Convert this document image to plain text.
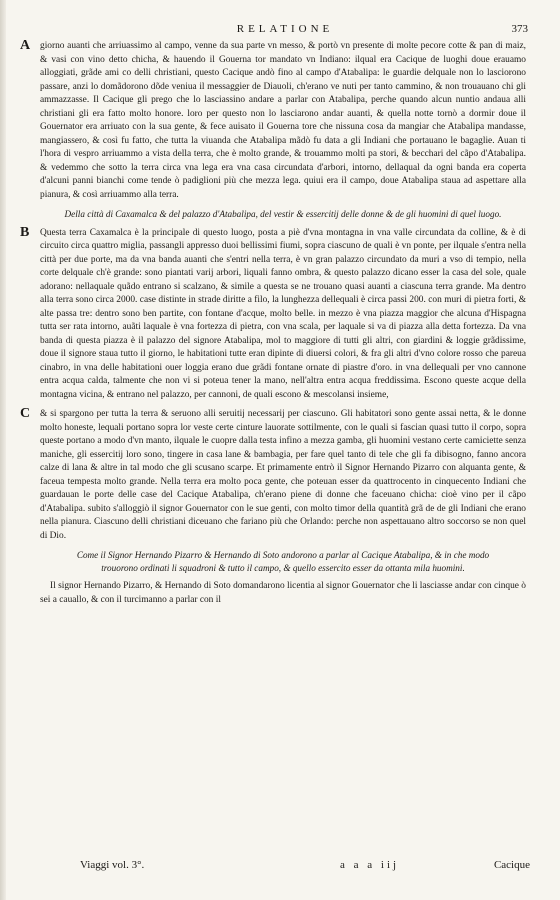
RELATIONE	373

A giorno auanti che arriuassimo al campo, venne da sua parte vn messo, & portò vn presente di molte pecore cotte & pan di maiz, & vasi con vino detto chicha, & hauendo il Gouerna tor mandato vn Indiano: ilqual era Cacique de luoghi doue erauamo alloggiati, grãde ami co delli christiani, questo Cacique andò fino al campo d'Atabalipa: le guardie delquale non lo lasciorono passare, anzi lo domãdorono dõde veniua il messaggier de Diauoli, ch'erano ve nuti per tanto cammino, & non trouauano chi gli ammazzasse. Il Cacique gli prego che lo lasciassino andare a parlar con Atabalipa, perche quando alcun nuntio andaua alli christiani gli era fatto molto honore. loro per questo non lo lasciarono andar auanti, & quella notte tornò a dormir doue il Gouernator era arriuato con la sua gente, & fece auisato il Gouerna tore che nissuna cosa da mangiar che Atabalipa mandasse, mangiassero, & così fu fatto, che tutta la viuanda che Atabalipa mãdò fu data a gli Indiani che portauano le bagaglie. Auan ti l'hora di vespro arriuammo a vista della terra, che è molto grande, & trouammo molti pa stori, & becchari del cãpo d'Atabalipa. & vedemmo che sotto la terra circa vna lega era vna casa circundata d'arbori, intorno, dellaqual da ogni banda era coperta d'alcuni panni bianchi come tende ò padiglioni più che mezza lega. quiui era il campo, doue Atabalipa staua ad aspettare alla pianura, & così arriuammo alla terra.

Della città di Caxamalca & del palazzo d'Atabalipa, del vestir & essercitij delle donne & de gli huomini di quel luogo.

B Questa terra Caxamalca è la principale di questo luogo, posta a piè d'vna montagna in vna valle circundata da colline, & è di circuito circa quattro miglia, passangli appresso duoi bellissimi fiumi, sopra ciascuno de quali è vn ponte, per ilquale s'entra nella città per due porte, ma da vna banda auanti che s'entri nella terra, è vn gran palazzo circundato da muri a vso di tempio, nella corte delquale ch'è grande: sono piantati varij arbori, liquali fanno ombra, & questo palazzo dicano esser la casa del sole, quale adorano: nellaquale quãdo entrano si scalzano, & simile a questa se ne trouano quasi auanti a ciascuna terra grande. Ma dentro alla terra sono circa 2000. case distinte in strade diritte a filo, la lunghezza dellequali è circa passi 200. con muri di pietra forti, & alte passa tre: dentro sono ben partite, con fontane d'acque, molto belle. in mezzo è vna piazza maggior che alcuna d'Hispagna tutta ser rata intorno, auãti laquale è vna fortezza di pietra, con vna scala, per laquale si va di piazza alla detta fortezza. Da vna banda di questa piazza è il palazzo del signore Atabalipa, mol to maggiore di tutti gli altri, con giardini & loggie grãdissime, doue il signore staua tutto il giorno, le habitationi tutte eran dipinte di diuersi colori, & fra gli altri d'vno colore rosso che pareua cinabro, in vna delle habitationi ouer loggia erano due grãdi fontane ornate di piastre d'oro. in vna dellequali per vno cannone entra acqua calda, talmente che non vi si poteua tener la mano, nell'altra entra acqua freddissima. Escono queste acque della montagna vicina, & entrano nel palazzo, per cannoni, de quali escono & mescolansi insieme,

C & si spargono per tutta la terra & seruono alli seruitij necessarij per ciascuno. Gli habitatori sono gente assai netta, & le donne molto honeste, lequali portano sopra lor veste certe cinture lauorate sottilmente, con le quali si fascian quasi tutto il corpo, sopra queste portano a modo d'vn manto, ilquale le cuopre dalla testa infino a mezza gamba, gli huomini vestano certe camiciette senza maniche, gli essercitij loro sono, tingere in casa lane & bambagia, per fare quel tanto di tele che gli fa dibisogno, fanno ancora calze di lana & altre in tal modo che gli scusano scarpe. Et primamente entrò il Signor Hernando Pizarro con alquanta gente, & faceua tempesta molto grande. Nella terra era molto poca gente, che poteuan esser da quattrocento in cinquecento Indiani che guardauan le porte delle case del Cacique Atabalipa, ch'erano piene di donne che faceuano chicha: cioè vino per il cãpo d'Atabalipa. subito s'alloggiò il signor Gouernator con le sue genti, con molto timor della quantità grã de de gli Indiani che erano nella pianura. Ciascuno delli christiani diceuano che fariano più che Orlando: perche non aspettauano altro soccorso se non quel di Dio.

Come il Signor Hernando Pizarro & Hernando di Soto andorono a parlar al Cacique Atabalipa, & in che modo trouorono ordinati li squadroni & tutto il campo, & quello essercito esser da ottanta mila huomini.

Il signor Hernando Pizarro, & Hernando di Soto domandarono licentia al signor Gouernator che li lasciasse andar con cinque ò sei a cauallo, & con il turcimanno a parlar con il

Viaggi vol. 3°.	a a a iij	Cacique
